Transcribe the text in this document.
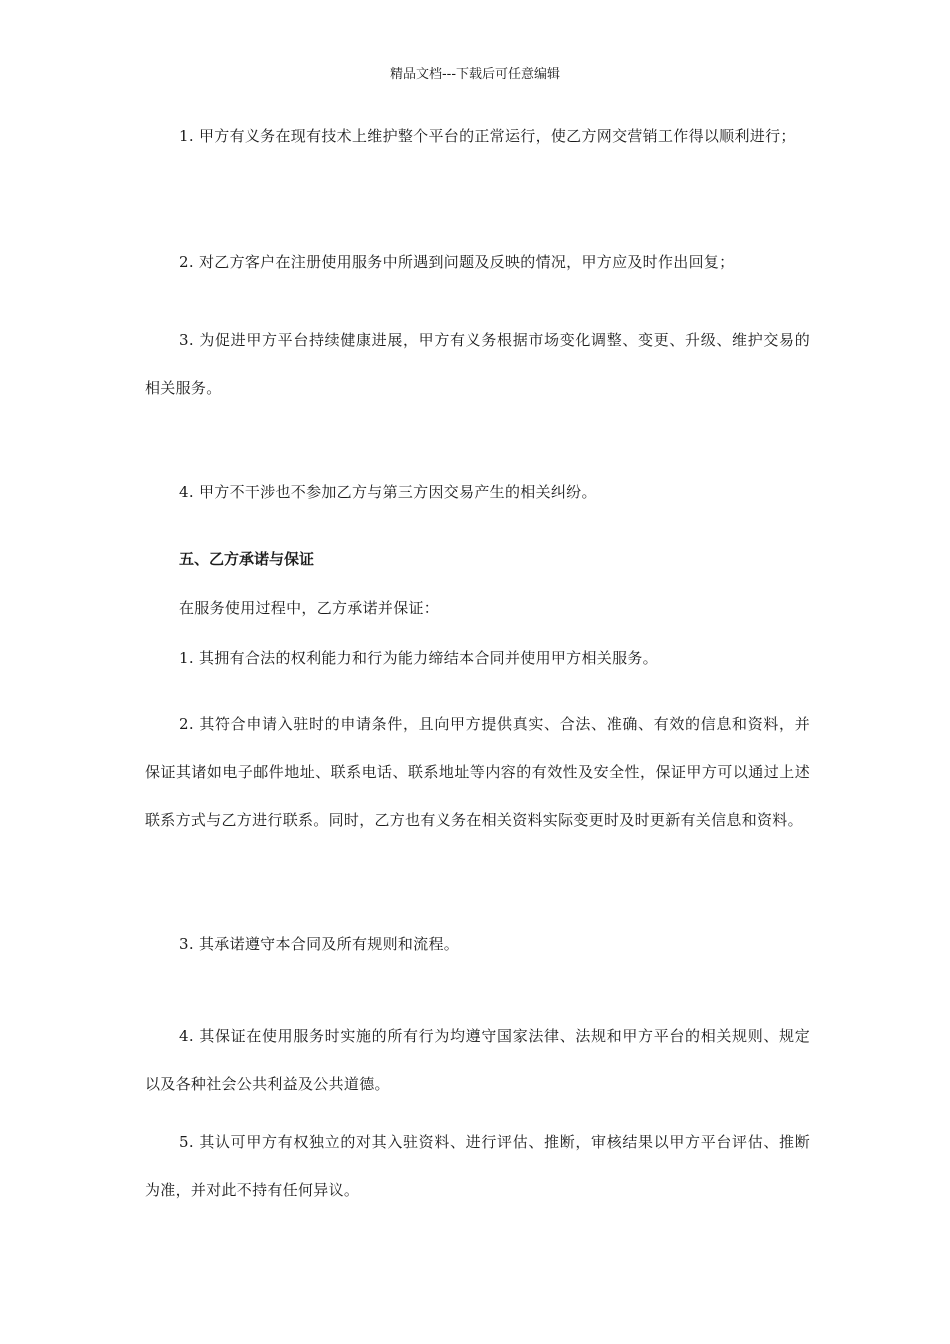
精品文档---下载后可任意编辑

1. 甲方有义务在现有技术上维护整个平台的正常运行，使乙方网交营销工作得以顺利进行；

2. 对乙方客户在注册使用服务中所遇到问题及反映的情况，甲方应及时作出回复；

3. 为促进甲方平台持续健康进展，甲方有义务根据市场变化调整、变更、升级、维护交易的相关服务。

4. 甲方不干涉也不参加乙方与第三方因交易产生的相关纠纷。

五、乙方承诺与保证

在服务使用过程中，乙方承诺并保证：

1. 其拥有合法的权利能力和行为能力缔结本合同并使用甲方相关服务。

2. 其符合申请入驻时的申请条件，且向甲方提供真实、合法、准确、有效的信息和资料，并保证其诸如电子邮件地址、联系电话、联系地址等内容的有效性及安全性，保证甲方可以通过上述联系方式与乙方进行联系。同时，乙方也有义务在相关资料实际变更时及时更新有关信息和资料。

3. 其承诺遵守本合同及所有规则和流程。

4. 其保证在使用服务时实施的所有行为均遵守国家法律、法规和甲方平台的相关规则、规定以及各种社会公共利益及公共道德。

5. 其认可甲方有权独立的对其入驻资料、进行评估、推断，审核结果以甲方平台评估、推断为准，并对此不持有任何异议。
